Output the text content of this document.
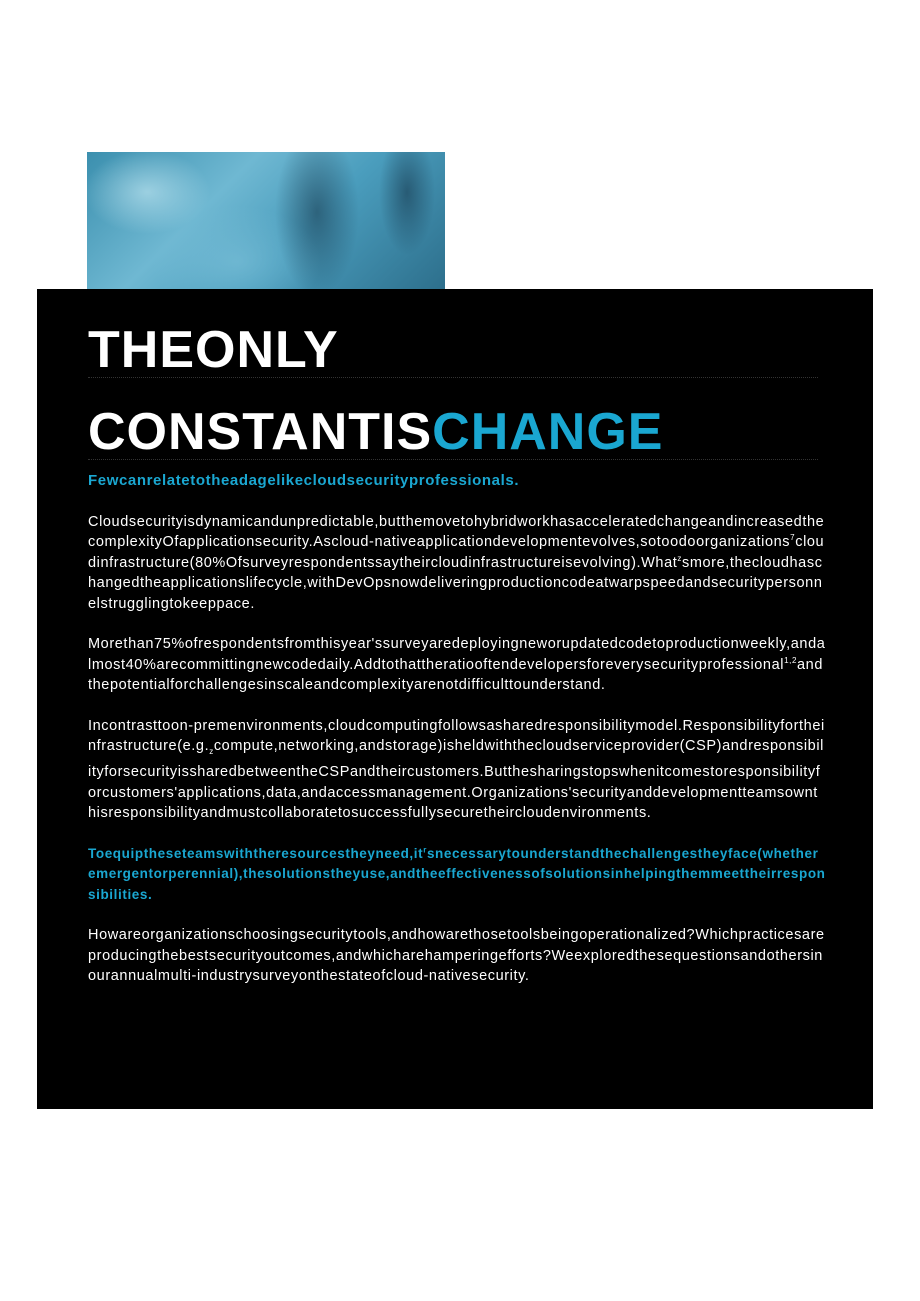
THEONLY
CONSTANTISCHANGE

Fewcanrelatetotheadagelikecloudsecurityprofessionals.

Cloudsecurityisdynamicandunpredictable,butthemovetohybridworkhasacceleratedchangeandincreasedthecomplexityOfapplicationsecurity.Ascloud-nativeapplicationdevelopmentevolves,sotoodoorganizations$^7$cloudinfrastructure(80%Ofsurveyrespondentssaytheircloudinfrastructureisevolving).What$^z$smore,thecloudhaschangedtheapplicationslifecycle,withDevOpsnowdeliveringproductioncodeatwarpspeedandsecuritypersonnelstrugglingtokeeppace.

Morethan75%ofrespondentsfromthisyear'ssurveyaredeployingneworupdatedcodetoproductionweekly,andalmost40%arecommittingnewcodedaily.Addtothattheratiooftendevelopersforeverysecurityprofessional$^{1,2}$andthepotentialforchallengesinscaleandcomplexityarenotdifficulttounderstand.

Incontrasttoon-$premenvironments,cloudcomputingfollowsasharedresponsibilitymodel.Responsibilityfortheinfrastructure(e.g._z$compute,networking,andstorage)isheldwiththecloudserviceprovider(CSP)andresponsibilityforsecurityissharedbetweentheCSPandtheircustomers.Butthesharingstopswhenitcomestoresponsibilityforcustomers'applications,data,andaccessmanagement.Organizations'securityanddevelopmentteamsownthisresponsibilityandmustcollaboratetosuccessfullysecuretheircloudenvironments.

$Toequiptheseteamswiththeresourcestheyneed,it^rsnecessarytounderstandthechallengestheyface(whetheremergentorperennial),the$solutionstheyuse,andtheeffectivenessofsolutionsinhelpingthemmeettheirresponsibilities.

Howareorganizationschoosingsecuritytools,andhowarethosetoolsbeingoperationalized?Whichpracticesareproducingthebestsecurityoutcomes,andwhicharehamperingefforts?Weexploredthesequestionsandothersinourannualmulti-industrysurveyonthestateofcloud-nativesecurity.
